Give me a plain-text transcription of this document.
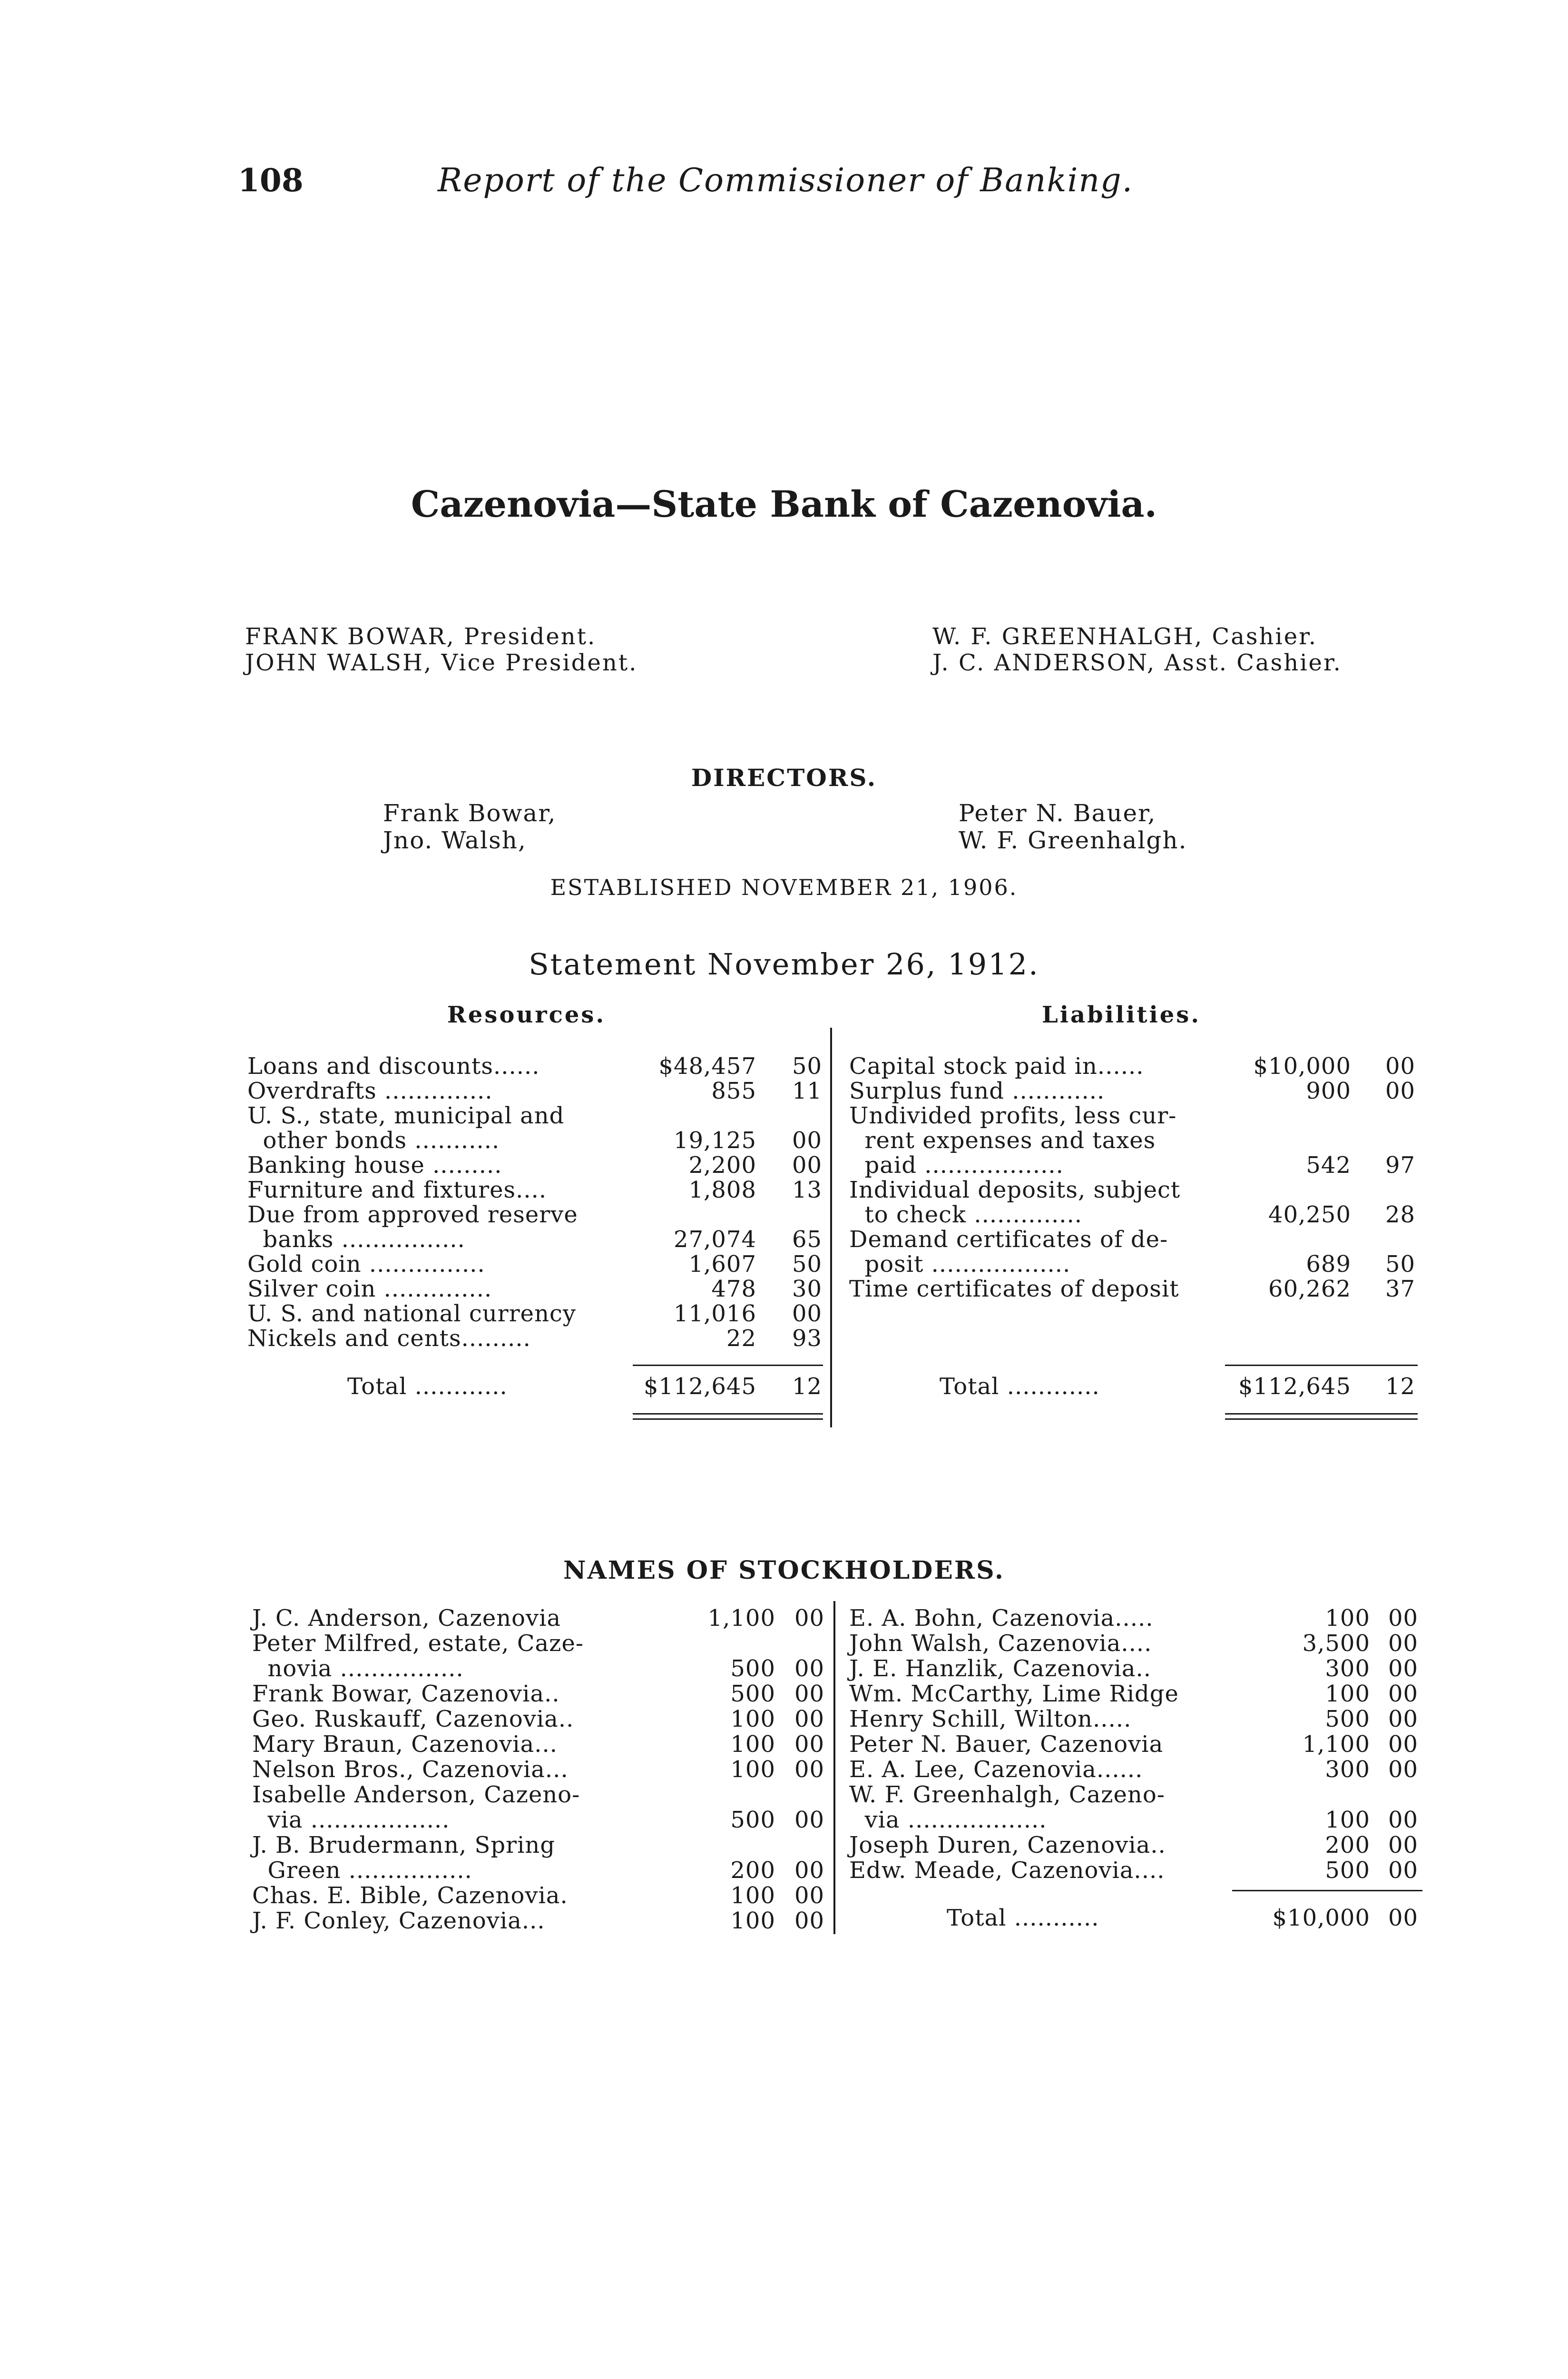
108	Report of the Commissioner of Banking.
Cazenovia—State Bank of Cazenovia.
FRANK BOWAR, President.
JOHN WALSH, Vice President.
W. F. GREENHALGH, Cashier.
J. C. ANDERSON, Asst. Cashier.
DIRECTORS.
Frank Bowar,
Jno. Walsh,
Peter N. Bauer,
W. F. Greenhalgh.
ESTABLISHED NOVEMBER 21, 1906.
Statement November 26, 1912.
Resources.	Liabilities.
Loans and discounts......	$48,457 50
Overdrafts ..............	855 11
U. S., state, municipal and
other bonds ...........	19,125 00
Banking house .........	2,200 00
Furniture and fixtures....	1,808 13
Due from approved reserve
banks ................	27,074 65
Gold coin ...............	1,607 50
Silver coin ..............	478 30
U. S. and national currency	11,016 00
Nickels and cents.........	22 93
Total ............	$112,645 12
Capital stock paid in......	$10,000 00
Surplus fund ............	900 00
Undivided profits, less cur-
rent expenses and taxes
paid ..................	542 97
Individual deposits, subject
to check ..............	40,250 28
Demand certificates of de-
posit ..................	689 50
Time certificates of deposit	60,262 37
Total ............	$112,645 12
NAMES OF STOCKHOLDERS.
J. C. Anderson, Cazenovia	1,100 00
Peter Milfred, estate, Caze-
novia ................	500 00
Frank Bowar, Cazenovia..	500 00
Geo. Ruskauff, Cazenovia..	100 00
Mary Braun, Cazenovia...	100 00
Nelson Bros., Cazenovia...	100 00
Isabelle Anderson, Cazeno-
via ..................	500 00
J. B. Brudermann, Spring
Green ................	200 00
Chas. E. Bible, Cazenovia.	100 00
J. F. Conley, Cazenovia...	100 00
E. A. Bohn, Cazenovia.....	100 00
John Walsh, Cazenovia....	3,500 00
J. E. Hanzlik, Cazenovia..	300 00
Wm. McCarthy, Lime Ridge	100 00
Henry Schill, Wilton.....	500 00
Peter N. Bauer, Cazenovia	1,100 00
E. A. Lee, Cazenovia......	300 00
W. F. Greenhalgh, Cazeno-
via ..................	100 00
Joseph Duren, Cazenovia..	200 00
Edw. Meade, Cazenovia....	500 00
Total ...........	$10,000 00
